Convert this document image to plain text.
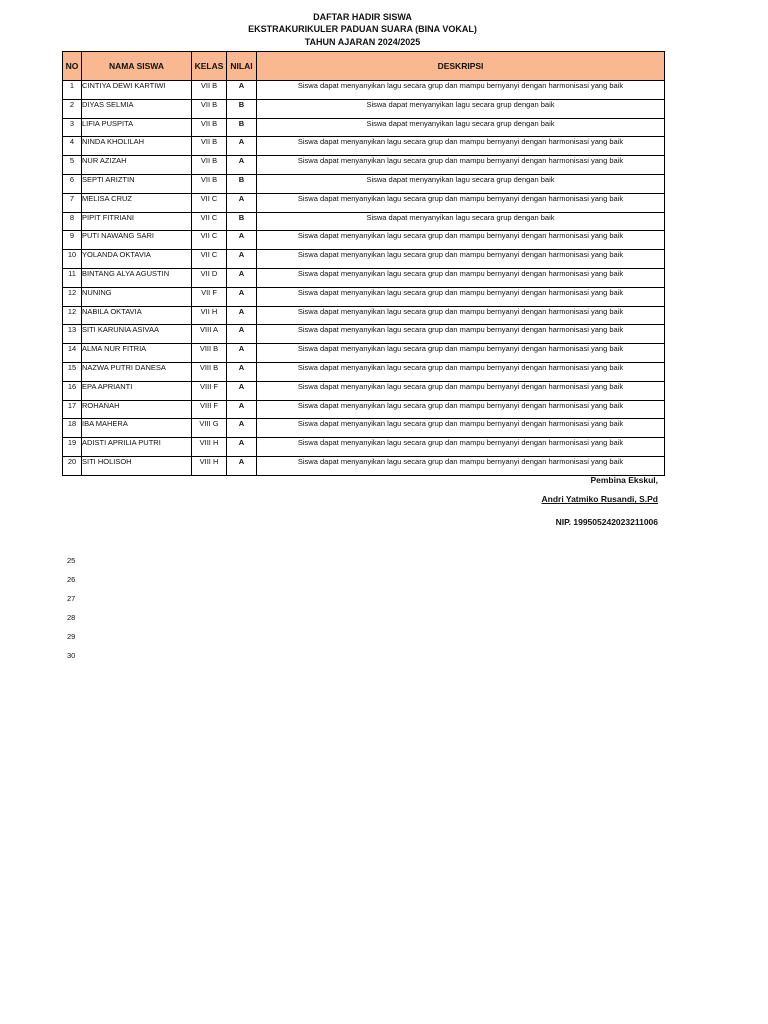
DAFTAR HADIR SISWA
EKSTRAKURIKULER PADUAN SUARA (BINA VOKAL)
TAHUN AJARAN 2024/2025
NO	NAMA SISWA	KELAS	NILAI	DESKRIPSI
1	CINTIYA DEWI KARTIWI	VII B	A	Siswa dapat menyanyikan lagu secara grup dan mampu bernyanyi dengan harmonisasi yang baik
2	DIYAS SELMIA	VII B	B	Siswa dapat menyanyikan lagu secara grup dengan baik
3	LIFIA PUSPITA	VII B	B	Siswa dapat menyanyikan lagu secara grup dengan baik
4	NINDA KHOLILAH	VII B	A	Siswa dapat menyanyikan lagu secara grup dan mampu bernyanyi dengan harmonisasi yang baik
5	NUR AZIZAH	VII B	A	Siswa dapat menyanyikan lagu secara grup dan mampu bernyanyi dengan harmonisasi yang baik
6	SEPTI ARIZTIN	VII B	B	Siswa dapat menyanyikan lagu secara grup dengan baik
7	MELISA CRUZ	VII C	A	Siswa dapat menyanyikan lagu secara grup dan mampu bernyanyi dengan harmonisasi yang baik
8	PIPIT FITRIANI	VII C	B	Siswa dapat menyanyikan lagu secara grup dengan baik
9	PUTI NAWANG SARI	VII C	A	Siswa dapat menyanyikan lagu secara grup dan mampu bernyanyi dengan harmonisasi yang baik
10	YOLANDA OKTAVIA	VII C	A	Siswa dapat menyanyikan lagu secara grup dan mampu bernyanyi dengan harmonisasi yang baik
11	BINTANG ALYA AGUSTIN	VII D	A	Siswa dapat menyanyikan lagu secara grup dan mampu bernyanyi dengan harmonisasi yang baik
12	NUNING	VII F	A	Siswa dapat menyanyikan lagu secara grup dan mampu bernyanyi dengan harmonisasi yang baik
12	NABILA OKTAVIA	VII H	A	Siswa dapat menyanyikan lagu secara grup dan mampu bernyanyi dengan harmonisasi yang baik
13	SITI KARUNIA ASIVAA	VIII A	A	Siswa dapat menyanyikan lagu secara grup dan mampu bernyanyi dengan harmonisasi yang baik
14	ALMA NUR FITRIA	VIII B	A	Siswa dapat menyanyikan lagu secara grup dan mampu bernyanyi dengan harmonisasi yang baik
15	NAZWA PUTRI DANESA	VIII B	A	Siswa dapat menyanyikan lagu secara grup dan mampu bernyanyi dengan harmonisasi yang baik
16	EPA APRIANTI	VIII F	A	Siswa dapat menyanyikan lagu secara grup dan mampu bernyanyi dengan harmonisasi yang baik
17	ROHANAH	VIII F	A	Siswa dapat menyanyikan lagu secara grup dan mampu bernyanyi dengan harmonisasi yang baik
18	IBA MAHERA	VIII G	A	Siswa dapat menyanyikan lagu secara grup dan mampu bernyanyi dengan harmonisasi yang baik
19	ADISTI APRILIA PUTRI	VIII H	A	Siswa dapat menyanyikan lagu secara grup dan mampu bernyanyi dengan harmonisasi yang baik
20	SITI HOLISOH	VIII H	A	Siswa dapat menyanyikan lagu secara grup dan mampu bernyanyi dengan harmonisasi yang baik
Pembina Ekskul,
Andri Yatmiko Rusandi, S.Pd
NIP. 199505242023211006
25
26
27
28
29
30
